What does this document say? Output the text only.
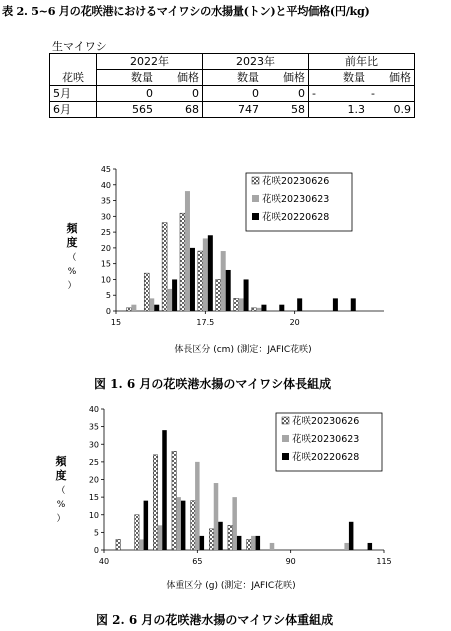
表 2. 5~6 月の花咲港におけるマイワシの水揚量(トン)と平均価格(円/kg)
生マイワシ
	2022年		2023年		前年比	
花咲	数量	価格	数量	価格	数量	価格
5月	0	0	0	0	-	-
6月	565	68	747	58	1.3	0.9
0
5
10
15
20
25
30
35
40
45
15	17.5	20
花咲20230626
花咲20230623
花咲20220628
頻
度
（
%
）
体長区分 (cm) (測定：JAFIC花咲)
図 1. 6 月の花咲港水揚のマイワシ体長組成
0
5
10
15
20
25
30
35
40
40	65	90	115
花咲20230626
花咲20230623
花咲20220628
頻
度
（
%
）
体重区分 (g) (測定：JAFIC花咲)
図 2. 6 月の花咲港水揚のマイワシ体重組成
